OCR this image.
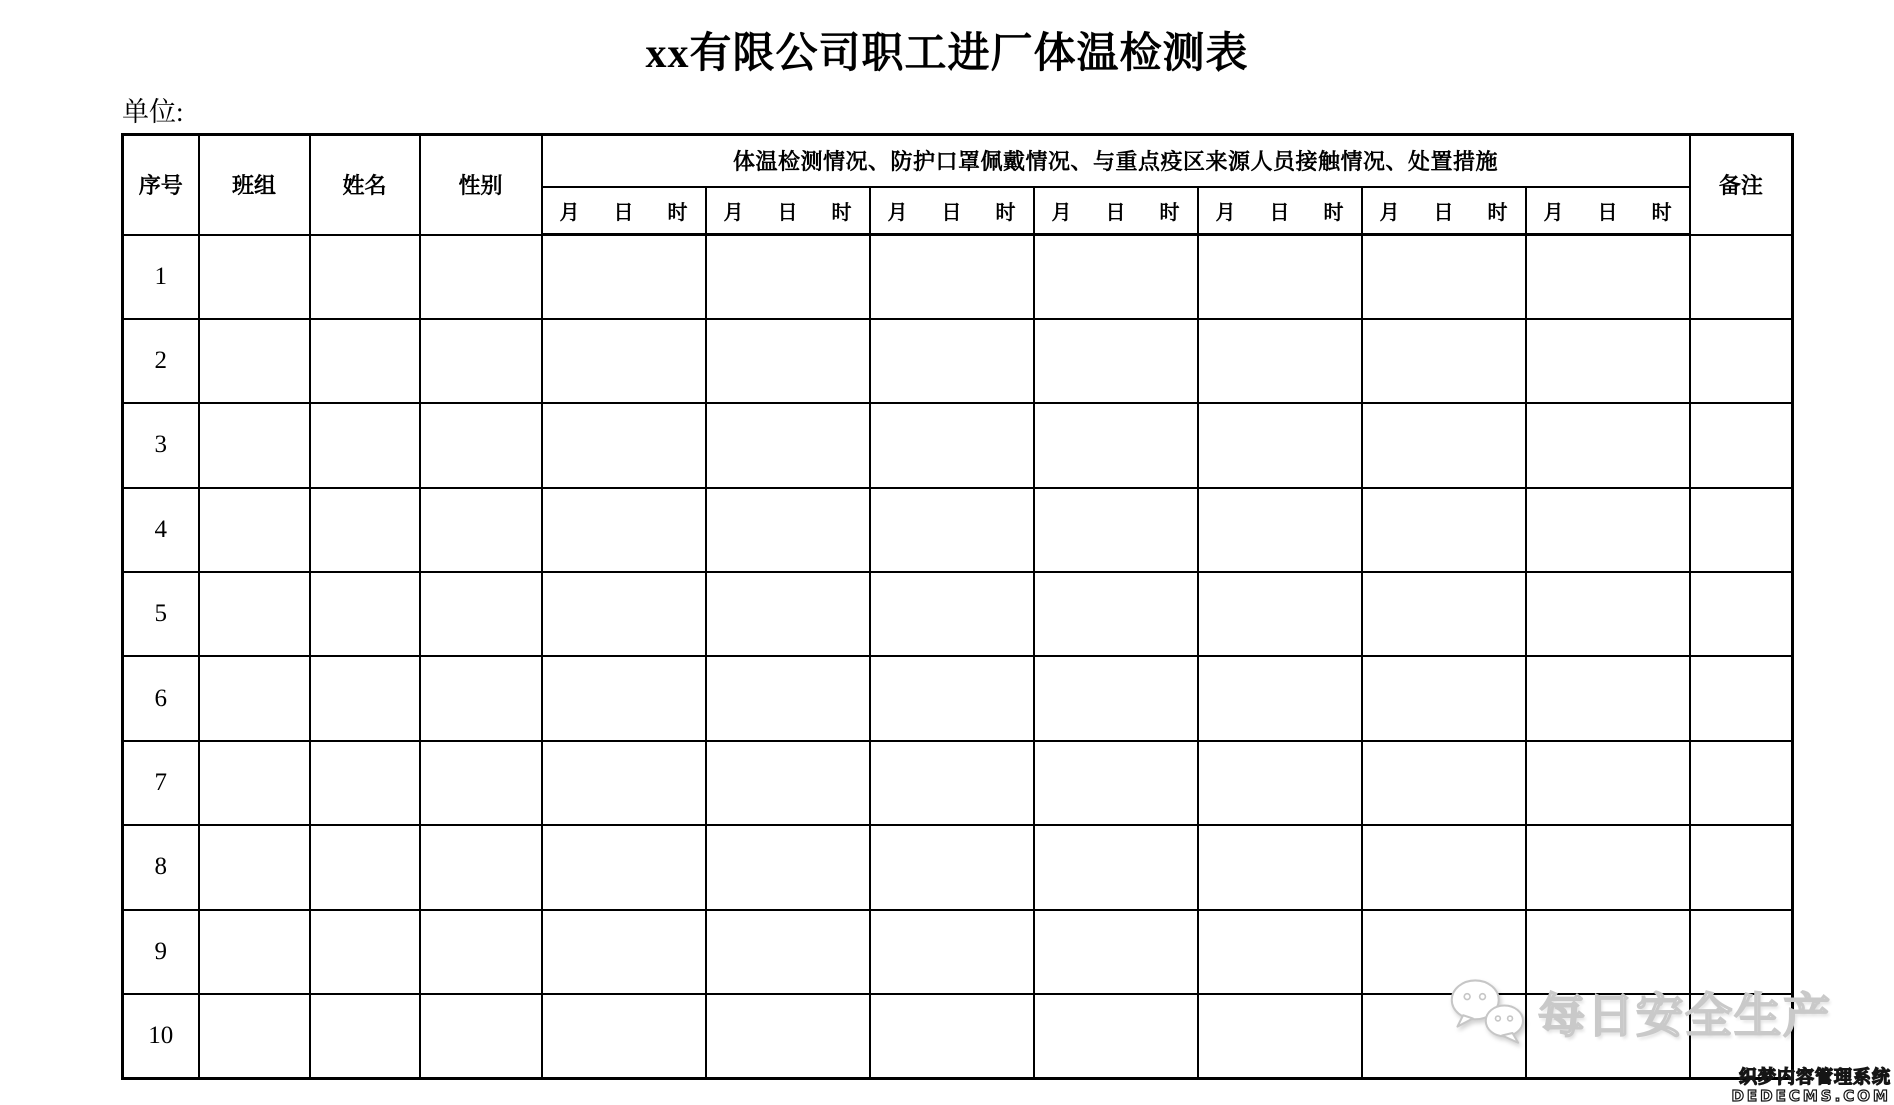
xx有限公司职工进厂体温检测表
单位:
序号	班组	姓名	性别	体温检测情况、防护口罩佩戴情况、与重点疫区来源人员接触情况、处置措施							备注

				月 日 时	月 日 时	月 日 时	月 日 时	月 日 时	月 日 时	月 日 时	

1											
2											
3											
4											
5											
6											
7											
8											
9											
10												每日安全生产
织梦内容管理系统
DEDECMS.COM
